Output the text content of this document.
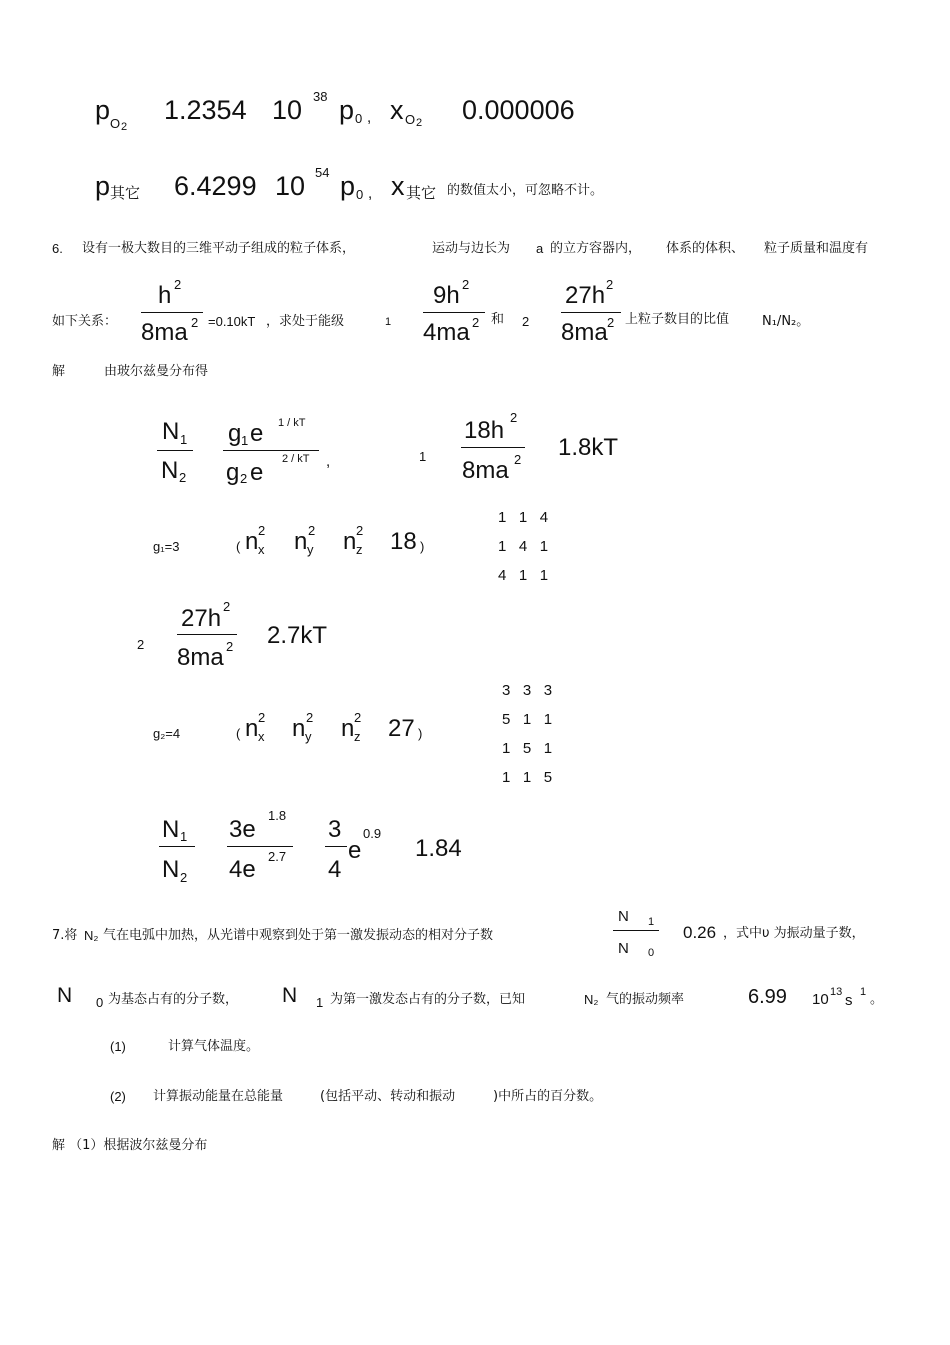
p O 2
1.2354 10 38 p 0 , x O 2 0.000006
p 其它 6.4299 10 54 p 0 , x 其它 的数值太小，可忽略不计。
6. 设有一极大数目的三维平动子组成的粒子体系，	运动与边长为 a 的立方容器内， 体系的体积、 粒子质量和温度有
如下关系：
h 2
8ma 2 =0.10kT ，求处于能级	1
9h 2
4ma 2 和 2
27h 2
8ma 2 上粒子数目的比值	N₁/N₂。
解	由玻尔兹曼分布得
N 1
N 2
g 1 e 1 / kT
g 2 e 2 / kT ,	1
18h 2
8ma 2 1.8kT
g₁=3	( n 2
x n 2
y n 2
z 18 )
1   1   4
1   4   1
4   1   1
2
27h 2
8ma 2 2.7kT
g₂=4	( n 2
x n 2
y n 2
z 27 )
3   3   3
5   1   1
1   5   1
1   1   5
N 1
N 2
3e
1.8
4e 2.7
3
4
e
0.9
1.84
7.将 N₂ 气在电弧中加热，从光谱中观察到处于第一激发振动态的相对分子数
N 1
N 0
0.26 ，式中υ 为振动量子数，
N 0 为基态占有的分子数， N 1 为第一激发态占有的分子数，已知	N₂ 气的振动频率	6.99 10 13 s 1 。
(1)	计算气体温度。
(2) 计算振动能量在总能量	(包括平动、转动和振动	)中所占的百分数。
解 （1）根据波尔兹曼分布
